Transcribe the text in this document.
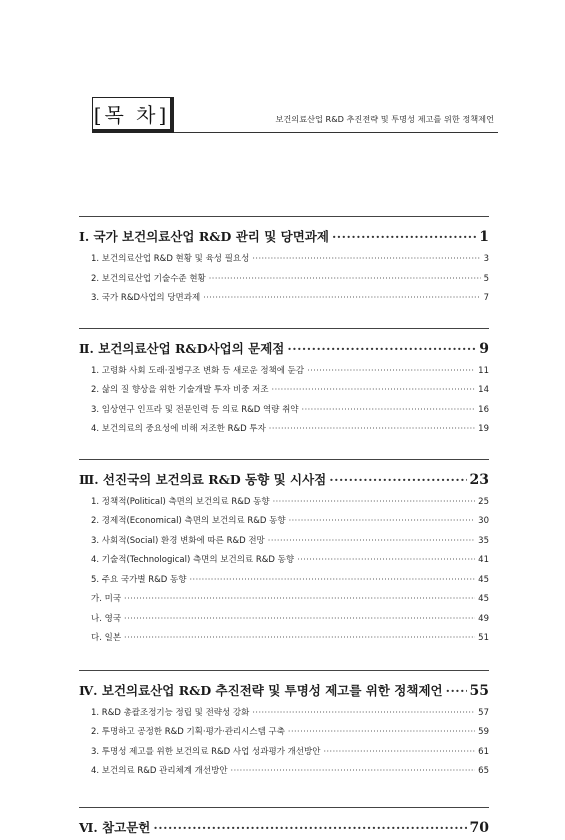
[목 차]	보건의료산업 R&D 추진전략 및 투명성 제고를 위한 정책제언
Ⅰ. 국가 보건의료산업 R&D 관리 및 당면과제 ·····	1
1. 보건의료산업 R&D 현황 및 육성 필요성 ·····	3
2. 보건의료산업 기술수준 현황 ·····	5
3. 국가 R&D사업의 당면과제 ·····	7
Ⅱ. 보건의료산업 R&D사업의 문제점 ·····	9
1. 고령화 사회 도래·질병구조 변화 등 새로운 정책에 둔감 ·····	11
2. 삶의 질 향상을 위한 기술개발 투자 비중 저조 ·····	14
3. 임상연구 인프라 및 전문인력 등 의료 R&D 역량 취약 ·····	16
4. 보건의료의 중요성에 비해 저조한 R&D 투자 ·····	19
Ⅲ. 선진국의 보건의료 R&D 동향 및 시사점 ·····	23
1. 정책적(Political) 측면의 보건의료 R&D 동향 ·····	25
2. 경제적(Economical) 측면의 보건의료 R&D 동향 ·····	30
3. 사회적(Social) 환경 변화에 따른 R&D 전망 ·····	35
4. 기술적(Technological) 측면의 보건의료 R&D 동향 ·····	41
5. 주요 국가별 R&D 동향 ·····	45
가. 미국 ·····	45
나. 영국 ·····	49
다. 일본 ·····	51
Ⅳ. 보건의료산업 R&D 추진전략 및 투명성 제고를 위한 정책제언 ····· 55
1. R&D 총괄조정기능 정립 및 전략성 강화 ·····	57
2. 투명하고 공정한 R&D 기획·평가·관리시스템 구축 ·····	59
3. 투명성 제고를 위한 보건의료 R&D 사업 성과평가 개선방안 ·····	61
4. 보건의료 R&D 관리체계 개선방안 ·····	65
Ⅵ. 참고문헌 ·····	70
